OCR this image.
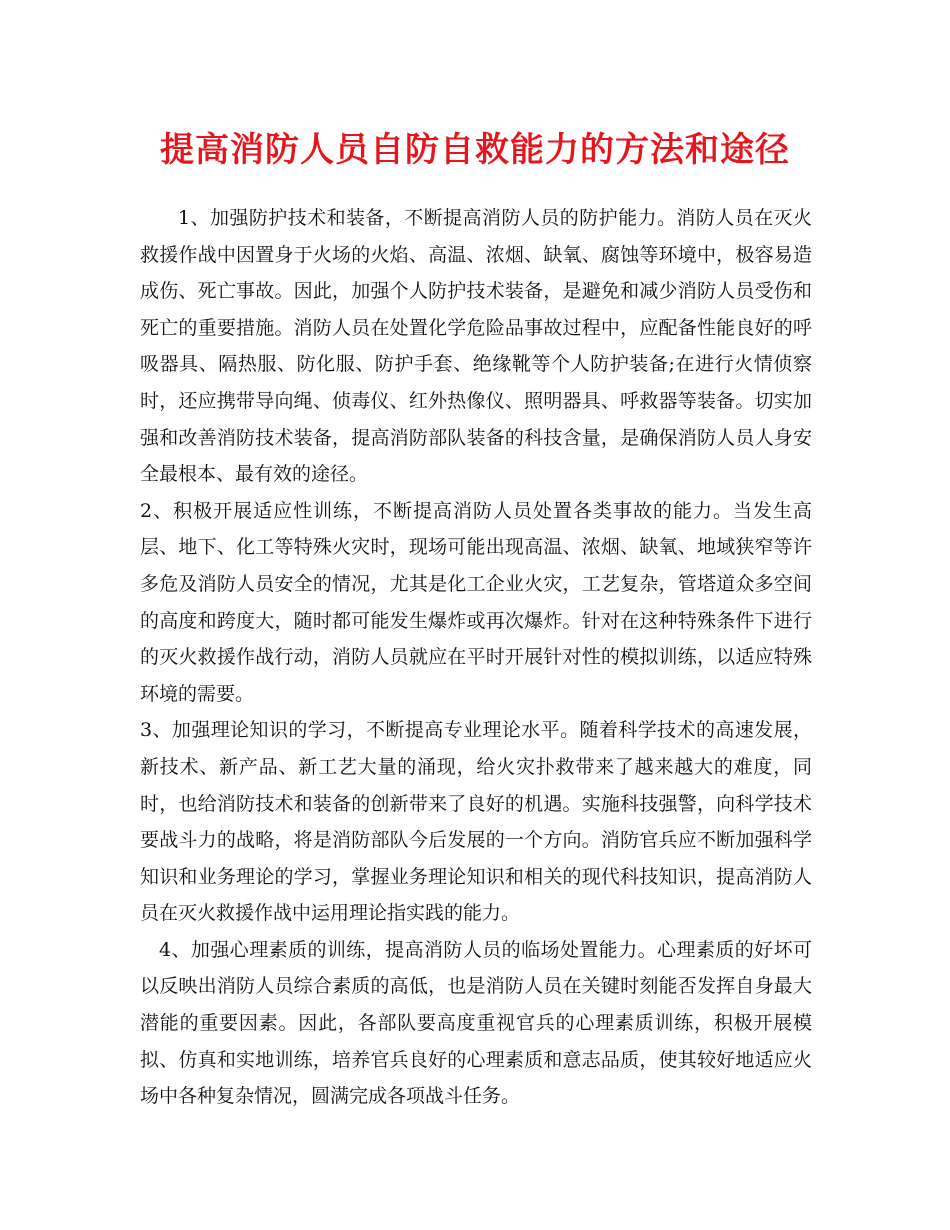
提高消防人员自防自救能力的方法和途径

1、加强防护技术和装备，不断提高消防人员的防护能力。消防人员在灭火救援作战中因置身于火场的火焰、高温、浓烟、缺氧、腐蚀等环境中，极容易造成伤、死亡事故。因此，加强个人防护技术装备，是避免和减少消防人员受伤和死亡的重要措施。消防人员在处置化学危险品事故过程中，应配备性能良好的呼吸器具、隔热服、防化服、防护手套、绝缘靴等个人防护装备;在进行火情侦察时，还应携带导向绳、侦毒仪、红外热像仪、照明器具、呼救器等装备。切实加强和改善消防技术装备，提高消防部队装备的科技含量，是确保消防人员人身安全最根本、最有效的途径。

2、积极开展适应性训练，不断提高消防人员处置各类事故的能力。当发生高层、地下、化工等特殊火灾时，现场可能出现高温、浓烟、缺氧、地域狭窄等许多危及消防人员安全的情况，尤其是化工企业火灾，工艺复杂，管塔道众多空间的高度和跨度大，随时都可能发生爆炸或再次爆炸。针对在这种特殊条件下进行的灭火救援作战行动，消防人员就应在平时开展针对性的模拟训练，以适应特殊环境的需要。

3、加强理论知识的学习，不断提高专业理论水平。随着科学技术的高速发展，新技术、新产品、新工艺大量的涌现，给火灾扑救带来了越来越大的难度，同时，也给消防技术和装备的创新带来了良好的机遇。实施科技强警，向科学技术要战斗力的战略，将是消防部队今后发展的一个方向。消防官兵应不断加强科学知识和业务理论的学习，掌握业务理论知识和相关的现代科技知识，提高消防人员在灭火救援作战中运用理论指实践的能力。

4、加强心理素质的训练，提高消防人员的临场处置能力。心理素质的好坏可以反映出消防人员综合素质的高低，也是消防人员在关键时刻能否发挥自身最大潜能的重要因素。因此，各部队要高度重视官兵的心理素质训练，积极开展模拟、仿真和实地训练，培养官兵良好的心理素质和意志品质，使其较好地适应火场中各种复杂情况，圆满完成各项战斗任务。
